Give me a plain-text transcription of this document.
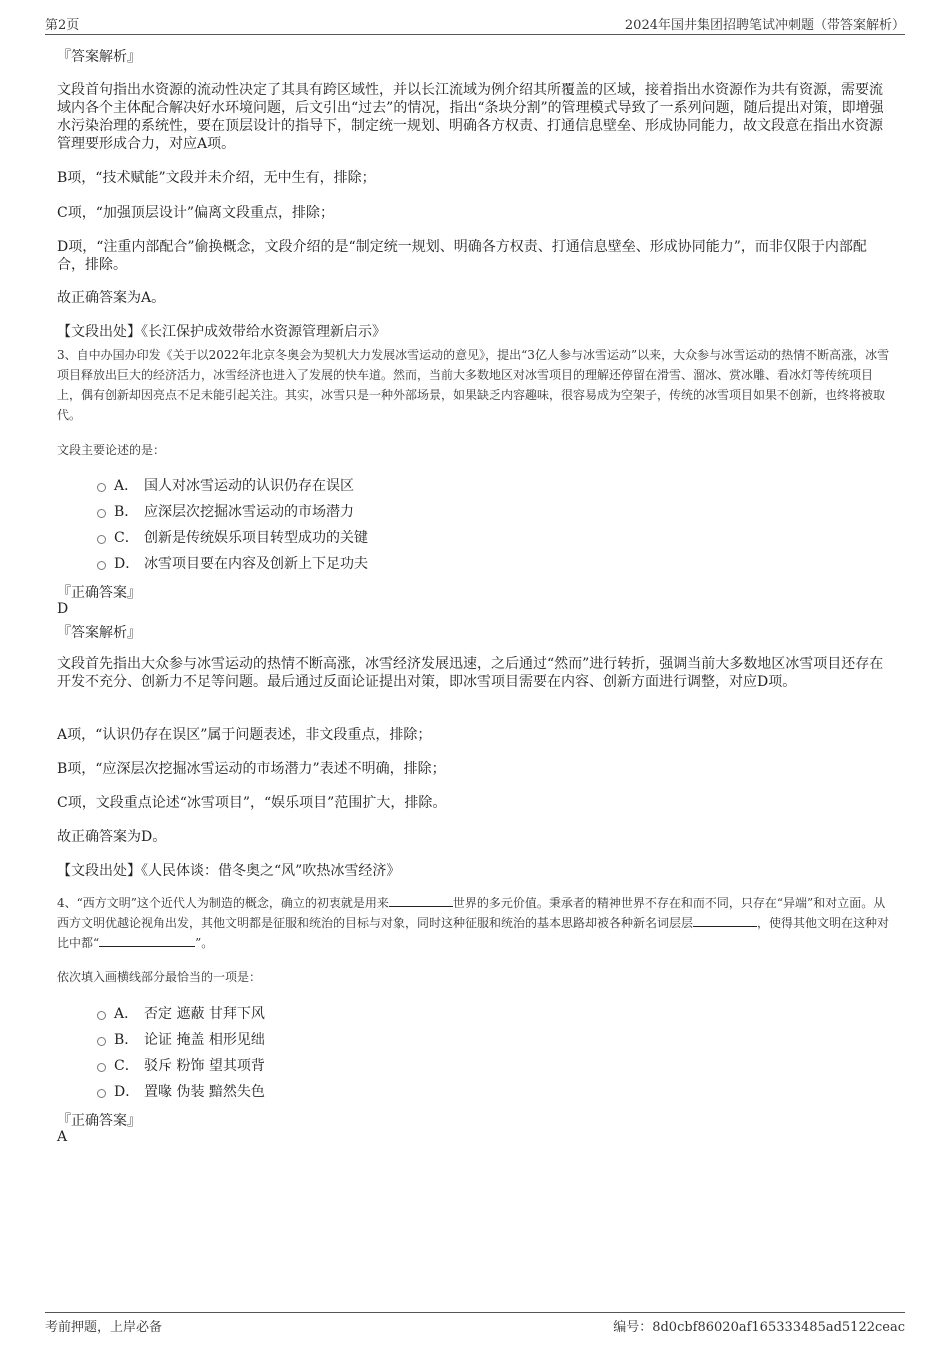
第2页	2024年国井集团招聘笔试冲刺题（带答案解析）
『答案解析』
文段首句指出水资源的流动性决定了其具有跨区域性，并以长江流域为例介绍其所覆盖的区域，接着指出水资源作为共有资源，需要流域内各个主体配合解决好水环境问题，后文引出“过去”的情况，指出“条块分割”的管理模式导致了一系列问题，随后提出对策，即增强水污染治理的系统性，要在顶层设计的指导下，制定统一规划、明确各方权责、打通信息壁垒、形成协同能力，故文段意在指出水资源管理要形成合力，对应A项。
B项，“技术赋能”文段并未介绍，无中生有，排除；
C项，“加强顶层设计”偏离文段重点，排除；
D项，“注重内部配合”偷换概念，文段介绍的是“制定统一规划、明确各方权责、打通信息壁垒、形成协同能力”，而非仅限于内部配合，排除。
故正确答案为A。
【文段出处】《长江保护成效带给水资源管理新启示》
3、自中办国办印发《关于以2022年北京冬奥会为契机大力发展冰雪运动的意见》，提出“3亿人参与冰雪运动”以来，大众参与冰雪运动的热情不断高涨，冰雪项目释放出巨大的经济活力，冰雪经济也进入了发展的快车道。然而，当前大多数地区对冰雪项目的理解还停留在滑雪、溜冰、赏冰雕、看冰灯等传统项目上，偶有创新却因亮点不足未能引起关注。其实，冰雪只是一种外部场景，如果缺乏内容趣味，很容易成为空架子，传统的冰雪项目如果不创新，也终将被取代。
文段主要论述的是：
A． 国人对冰雪运动的认识仍存在误区
B． 应深层次挖掘冰雪运动的市场潜力
C． 创新是传统娱乐项目转型成功的关键
D． 冰雪项目要在内容及创新上下足功夫
『正确答案』
D
『答案解析』
文段首先指出大众参与冰雪运动的热情不断高涨，冰雪经济发展迅速，之后通过“然而”进行转折，强调当前大多数地区冰雪项目还存在开发不充分、创新力不足等问题。最后通过反面论证提出对策，即冰雪项目需要在内容、创新方面进行调整，对应D项。
A项，“认识仍存在误区”属于问题表述，非文段重点，排除；
B项，“应深层次挖掘冰雪运动的市场潜力”表述不明确，排除；
C项，文段重点论述“冰雪项目”，“娱乐项目”范围扩大，排除。
故正确答案为D。
【文段出处】《人民体谈：借冬奥之“风”吹热冰雪经济》
4、“西方文明”这个近代人为制造的概念，确立的初衷就是用来	世界的多元价值。秉承者的精神世界不存在和而不同，只存在“异端”和对立面。从西方文明优越论视角出发，其他文明都是征服和统治的目标与对象，同时这种征服和统治的基本思路却被各种新名词层层	，使得其他文明在这种对比中都“	”。
依次填入画横线部分最恰当的一项是：
A． 否定 遮蔽 甘拜下风
B． 论证 掩盖 相形见绌
C． 驳斥 粉饰 望其项背
D． 置喙 伪装 黯然失色
『正确答案』
A
考前押题，上岸必备	编号：8d0cbf86020af165333485ad5122ceac
